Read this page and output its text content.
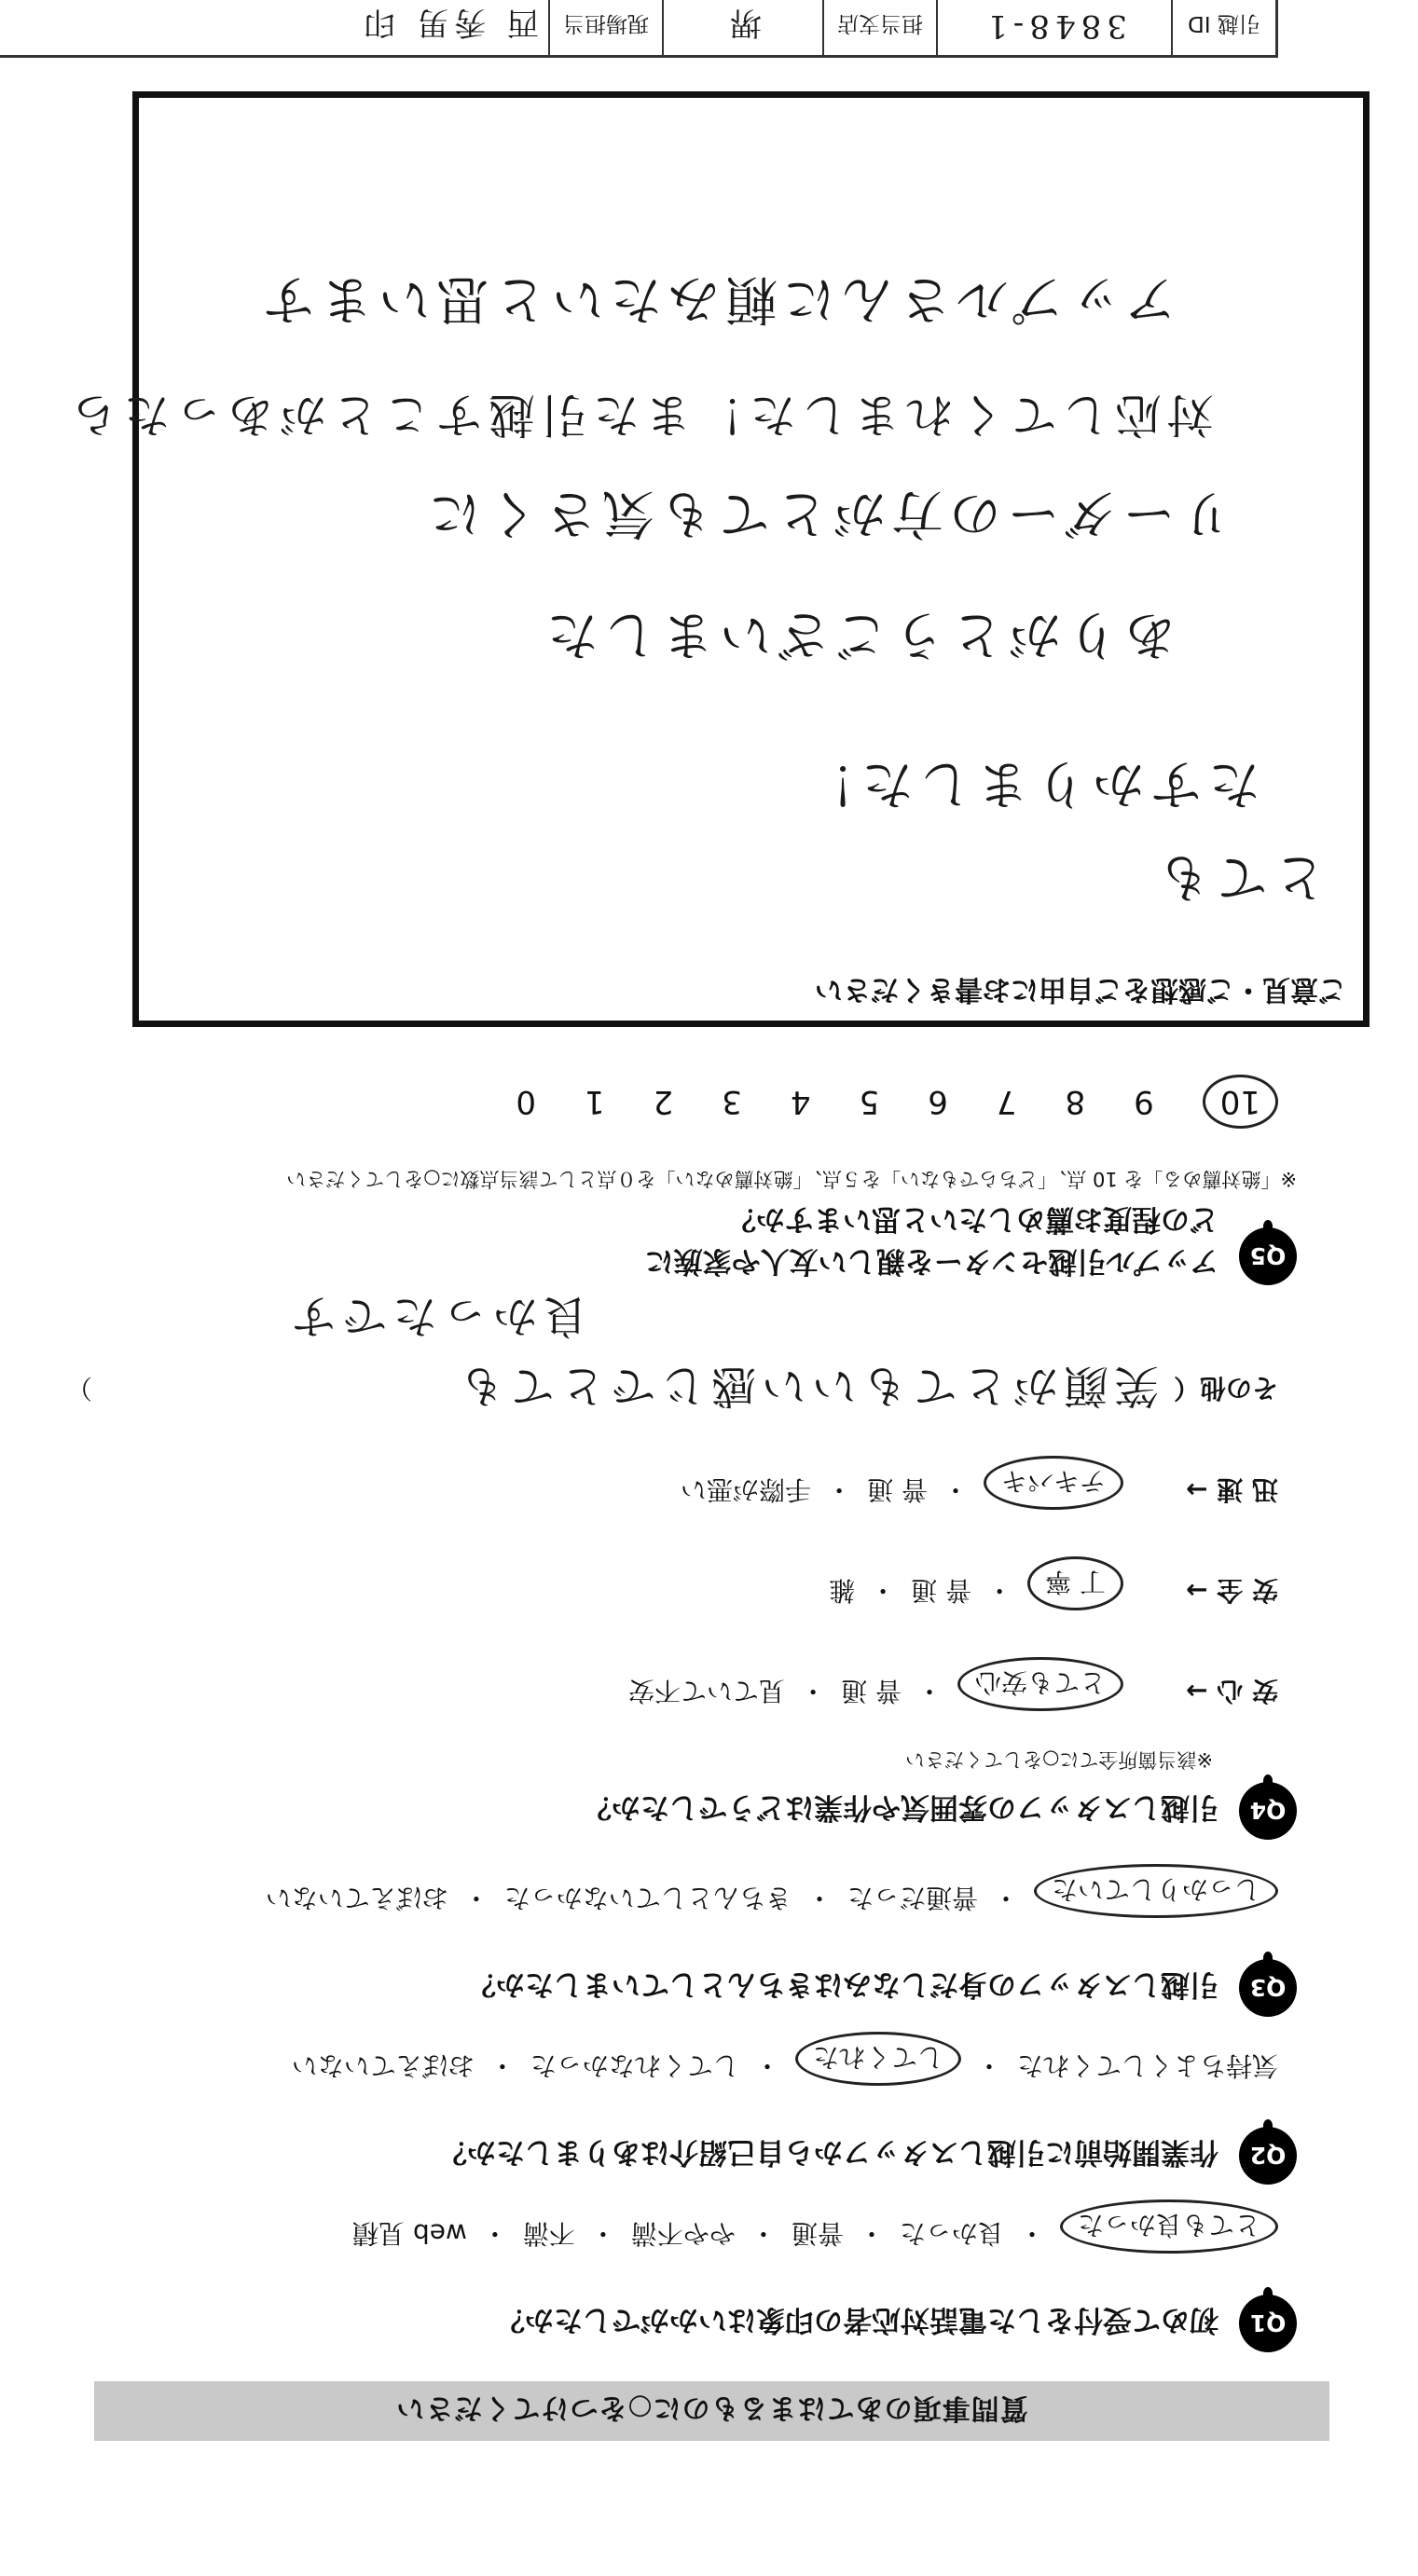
質問事項のあてはまるものに○をつけてください
Q1
初めて受付をした電話対応者の印象はいかがでしたか？
とても良かった
・
良かった
・
普通
・
やや不満
・
不満
・
web 見積
Q2
作業開始前に引越しスタッフから自己紹介はありましたか？
気持ちよくしてくれた
・
してくれた
・
してくれなかった
・
おぼえていない
Q3
引越しスタッフの身だしなみはきちんとしていましたか？
しっかりしていた
・
普通だった
・
きちんとしていなかった
・
おぼえていない
Q4
引越しスタッフの雰囲気や作業はどうでしたか？
※該当箇所全てに○をしてください
安 心 →
とても安心
・
普 通
・
見ていて不安
安 全 →
丁 寧
・
普 通
・
雑
迅 速 →
テキパキ
・
普 通
・
手際が悪い
その他（
笑顔がとてもいい感じでとても
）
良かったです
Q5
アップル引越センターを親しい友人や家族に
どの程度お薦めしたいと思いますか？
※「絶対薦める」を 10 点、「どちらでもない」を５点、「絶対薦めない」を０点として該当点数に○をしてください
10
9
8
7
6
5
4
3
2
1
0
ご意見・ご感想をご自由にお書きください
とても
たすかりました！
ありがとうございました
リーダーの方がとても気さくに
対応してくれました！また引越すことがあったら
アップルさんに頼みたいと思います
引越 ID
3848-1
担当支店
堺
現場担当
西 秀男 印
